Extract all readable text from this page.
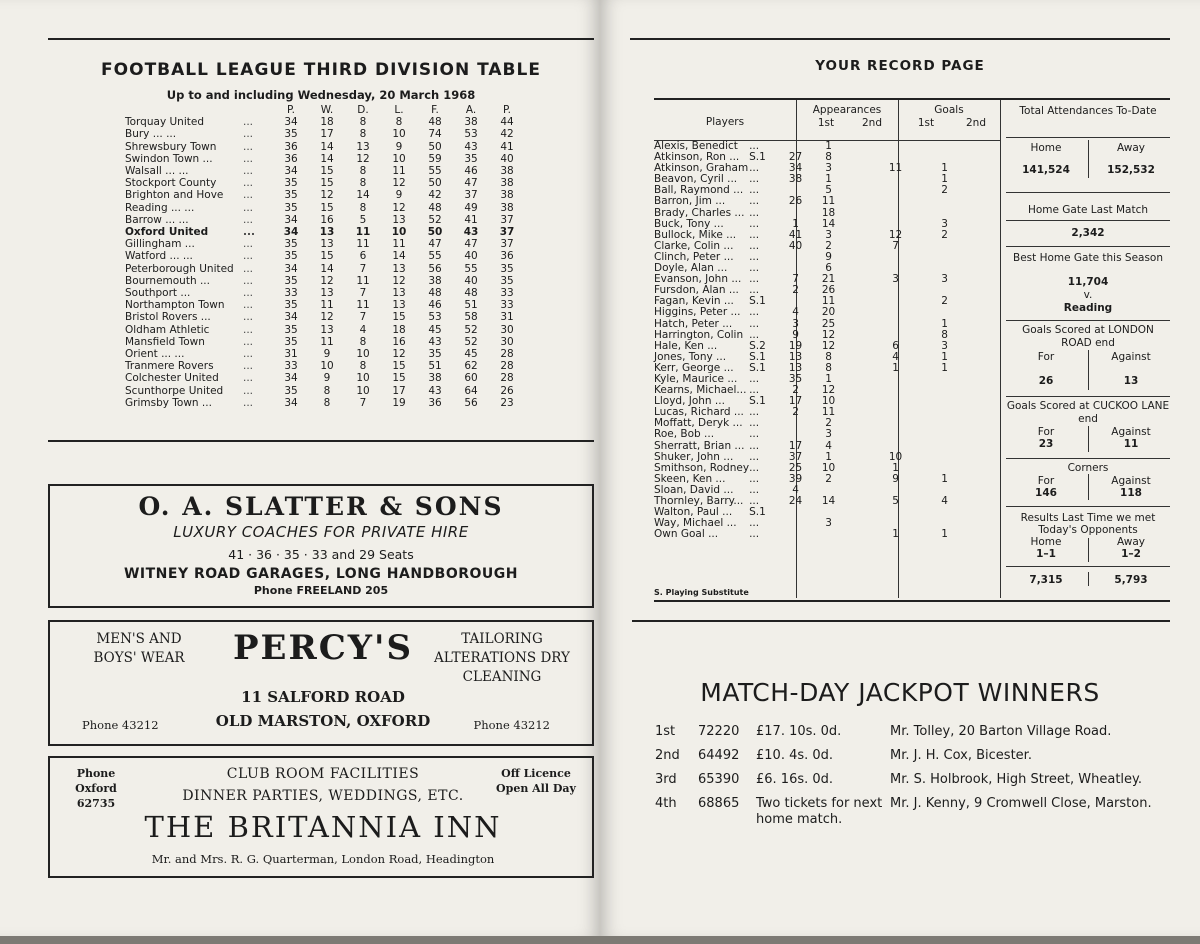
FOOTBALL LEAGUE THIRD DIVISION TABLE
Up to and including Wednesday, 20 March 1968
		P.	W.	D.	L.	F.	A.	P.
Torquay United	...	34	18	8	8	48	38	44
Bury ... ...	...	35	17	8	10	74	53	42
Shrewsbury Town	...	36	14	13	9	50	43	41
Swindon Town ...	...	36	14	12	10	59	35	40
Walsall ... ...	...	34	15	8	11	55	46	38
Stockport County	...	35	15	8	12	50	47	38
Brighton and Hove	...	35	12	14	9	42	37	38
Reading ... ...	...	35	15	8	12	48	49	38
Barrow ... ...	...	34	16	5	13	52	41	37
Oxford United	...	34	13	11	10	50	43	37
Gillingham ...	...	35	13	11	11	47	47	37
Watford ... ...	...	35	15	6	14	55	40	36
Peterborough United	...	34	14	7	13	56	55	35
Bournemouth ...	...	35	12	11	12	38	40	35
Southport ...	...	33	13	7	13	48	48	33
Northampton Town	...	35	11	11	13	46	51	33
Bristol Rovers ...	...	34	12	7	15	53	58	31
Oldham Athletic	...	35	13	4	18	45	52	30
Mansfield Town	...	35	11	8	16	43	52	30
Orient ... ...	...	31	9	10	12	35	45	28
Tranmere Rovers	...	33	10	8	15	51	62	28
Colchester United	...	34	9	10	15	38	60	28
Scunthorpe United	...	35	8	10	17	43	64	26
Grimsby Town ...	...	34	8	7	19	36	56	23
O. A. SLATTER & SONS
LUXURY COACHES FOR PRIVATE HIRE
41 · 36 · 35 · 33 and 29 Seats
WITNEY ROAD GARAGES, LONG HANDBOROUGH
Phone FREELAND 205
MEN'S AND BOYS' WEAR	PERCY'S	TAILORING ALTERATIONS DRY CLEANING
11 SALFORD ROAD
OLD MARSTON, OXFORD
Phone 43212	Phone 43212
CLUB ROOM FACILITIES
DINNER PARTIES, WEDDINGS, ETC.
Phone Oxford 62735
Off Licence Open All Day
THE BRITANNIA INN
Mr. and Mrs. R. G. Quarterman, London Road, Headington
YOUR RECORD PAGE
Players
Appearances
1st	2nd
Goals
1st	2nd
Alexis, Benedict	...		1		
Atkinson, Ron ...	S.1	27	8		
Atkinson, Graham	...	34	3	11	1
Beavon, Cyril ...	...	38	1		1
Ball, Raymond ...	...		5		2
Barron, Jim ...	...	26	11		
Brady, Charles ...	...		18		
Buck, Tony ...	...	1	14		3
Bullock, Mike ...	...	41	3	12	2
Clarke, Colin ...	...	40	2	7	
Clinch, Peter ...	...		9		
Doyle, Alan ...	...		6		
Evanson, John ...	...	7	21	3	3
Fursdon, Alan ...	...	2	26		
Fagan, Kevin ...	S.1		11		2
Higgins, Peter ...	...	4	20		
Hatch, Peter ...	...	3	25		1
Harrington, Colin	...	9	12		8
Hale, Ken ...	S.2	19	12	6	3
Jones, Tony ...	S.1	13	8	4	1
Kerr, George ...	S.1	13	8	1	1
Kyle, Maurice ...	...	35	1		
Kearns, Michael...	...	2	12		
Lloyd, John ...	S.1	17	10		
Lucas, Richard ...	...	2	11		
Moffatt, Deryk ...	...		2		
Roe, Bob ...	...		3		
Sherratt, Brian ...	...	17	4		
Shuker, John ...	...	37	1	10	
Smithson, Rodney	...	25	10	1	
Skeen, Ken ...	...	39	2	9	1
Sloan, David ...	...	4			
Thornley, Barry...	...	24	14	5	4
Walton, Paul ...	S.1				
Way, Michael ...	...		3		
Own Goal ...	...			1	1
S. Playing Substitute
Total Attendances To-Date
Home	Away
141,524	152,532
Home Gate Last Match
2,342
Best Home Gate this Season
11,704
v.
Reading
Goals Scored at LONDON ROAD end
For	Against
26	13
Goals Scored at CUCKOO LANE end
For	Against
23	11
Corners
For	Against
146	118
Results Last Time we met Today's Opponents
Home	Away
1–1	1–2
7,315	5,793
MATCH-DAY JACKPOT WINNERS
1st	72220	£17. 10s. 0d.	Mr. Tolley, 20 Barton Village Road.
2nd	64492	£10. 4s. 0d.	Mr. J. H. Cox, Bicester.
3rd	65390	£6. 16s. 0d.	Mr. S. Holbrook, High Street, Wheatley.
4th	68865	Two tickets for next home match.	Mr. J. Kenny, 9 Cromwell Close, Marston.
